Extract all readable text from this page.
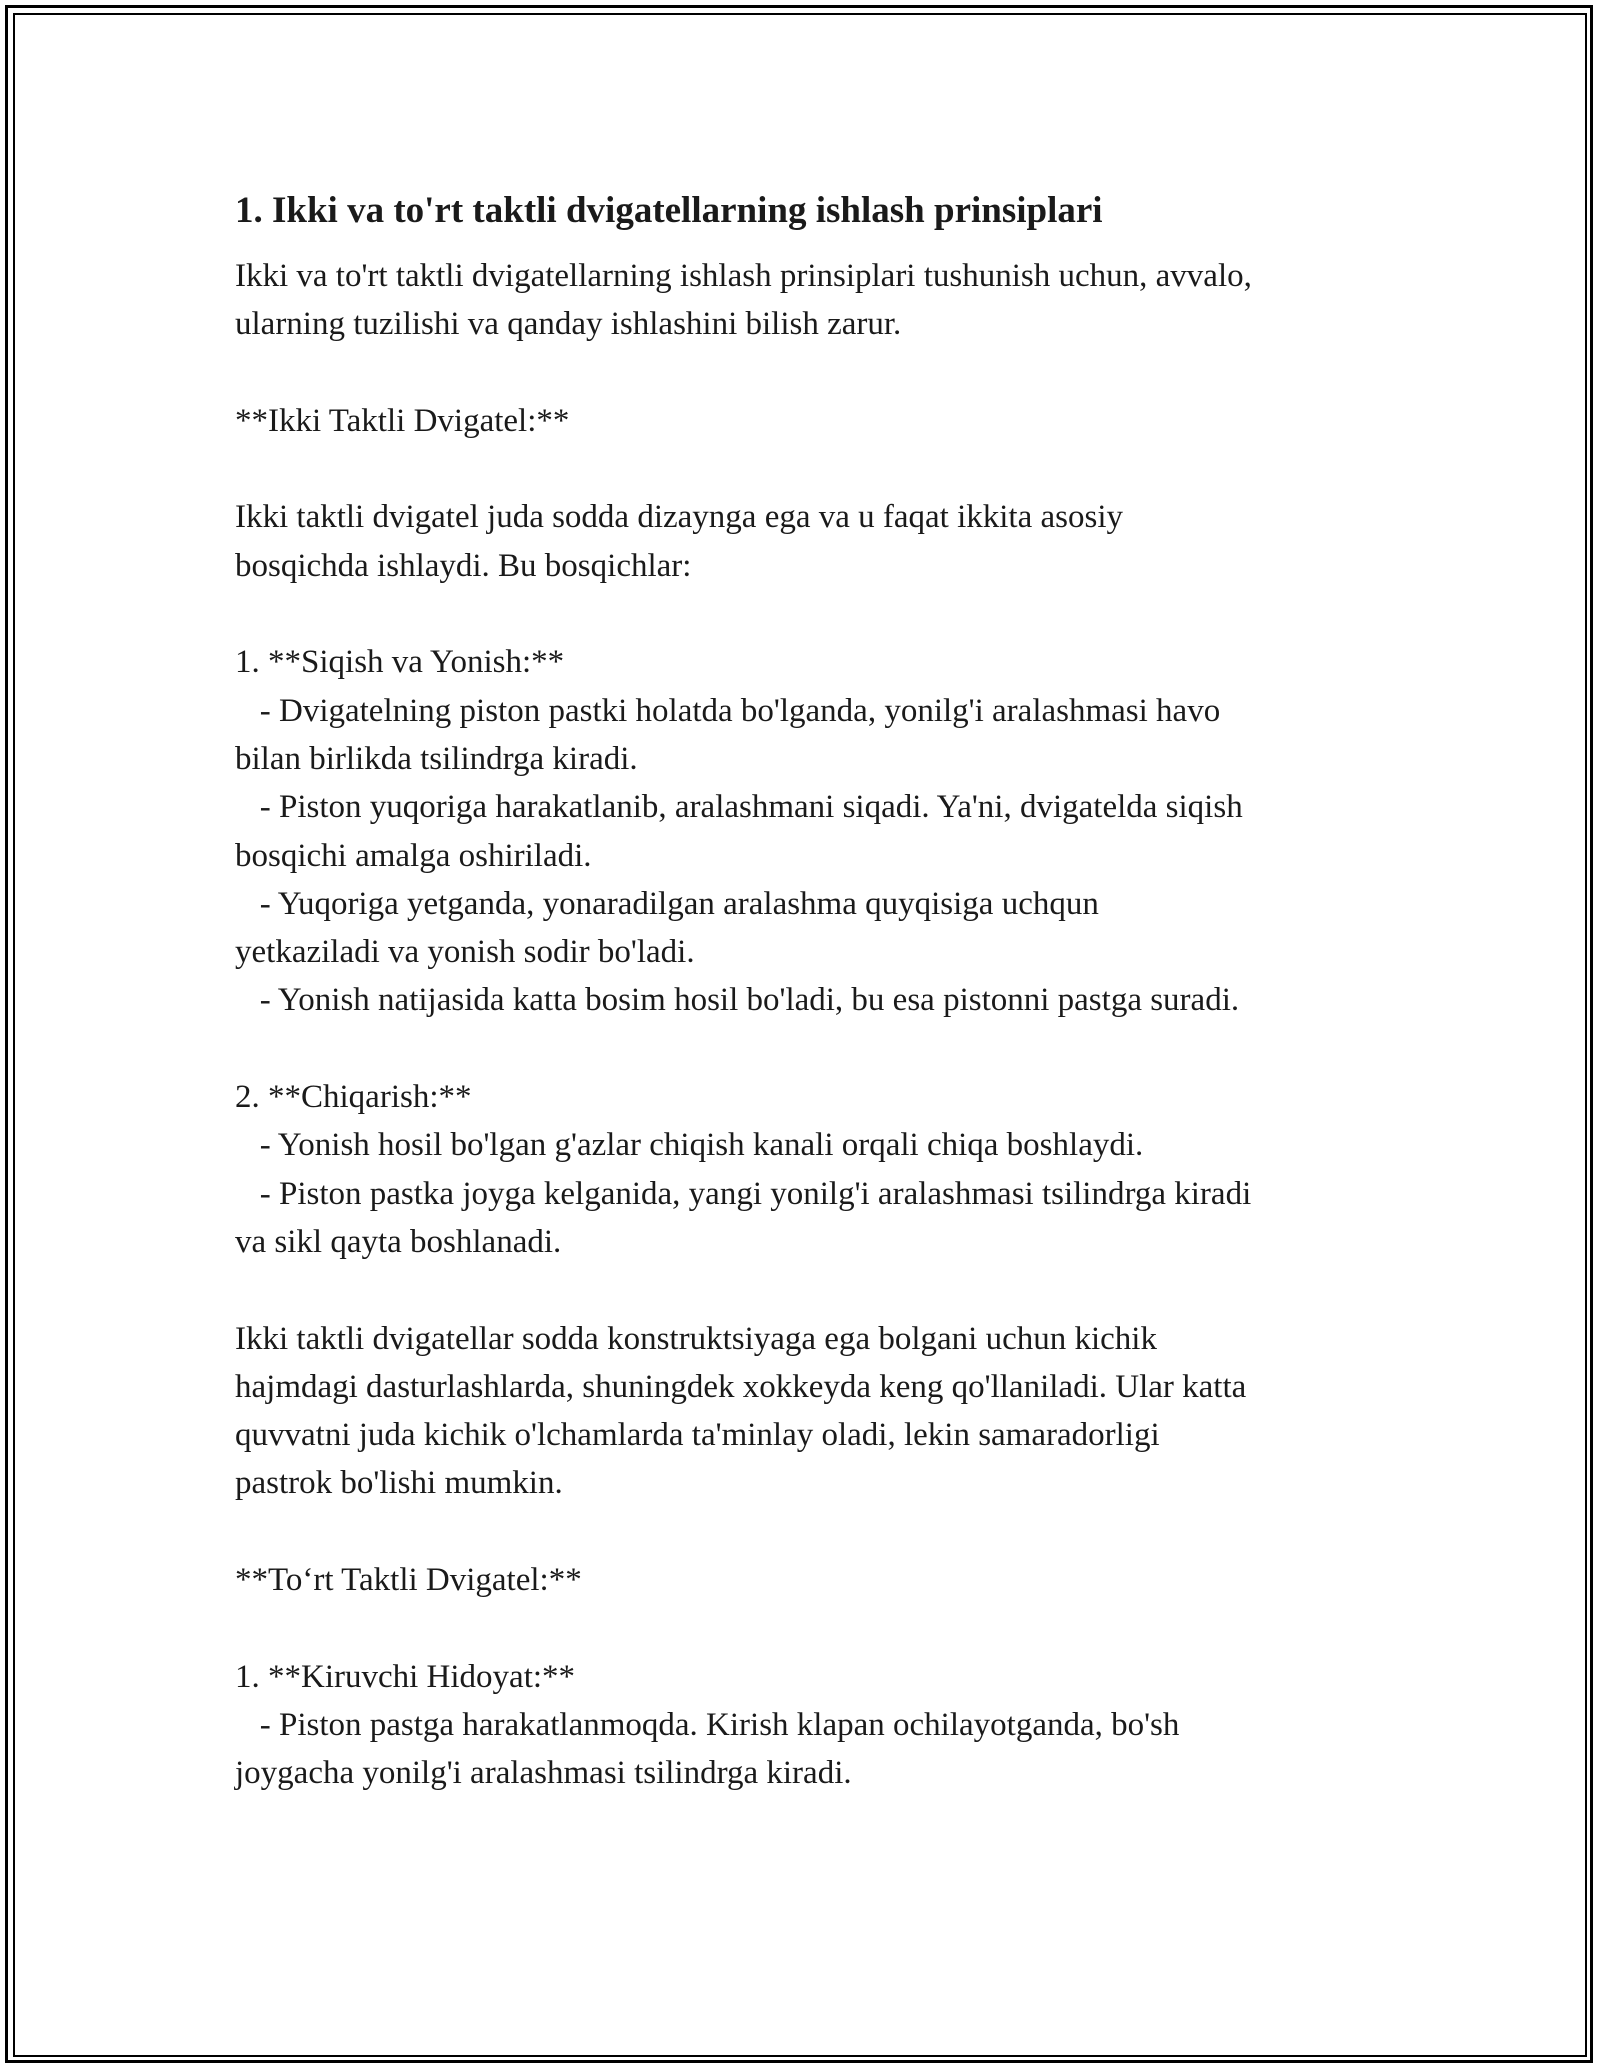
1. Ikki va to'rt taktli dvigatellarning ishlash prinsiplari
Ikki va to'rt taktli dvigatellarning ishlash prinsiplari tushunish uchun, avvalo,
ularning tuzilishi va qanday ishlashini bilish zarur.
**Ikki Taktli Dvigatel:**
Ikki taktli dvigatel juda sodda dizaynga ega va u faqat ikkita asosiy
bosqichda ishlaydi. Bu bosqichlar:
1. **Siqish va Yonish:**
- Dvigatelning piston pastki holatda bo'lganda, yonilg'i aralashmasi havo
bilan birlikda tsilindrga kiradi.
- Piston yuqoriga harakatlanib, aralashmani siqadi. Ya'ni, dvigatelda siqish
bosqichi amalga oshiriladi.
- Yuqoriga yetganda, yonaradilgan aralashma quyqisiga uchqun
yetkaziladi va yonish sodir bo'ladi.
- Yonish natijasida katta bosim hosil bo'ladi, bu esa pistonni pastga suradi.
2. **Chiqarish:**
- Yonish hosil bo'lgan g'azlar chiqish kanali orqali chiqa boshlaydi.
- Piston pastka joyga kelganida, yangi yonilg'i aralashmasi tsilindrga kiradi
va sikl qayta boshlanadi.
Ikki taktli dvigatellar sodda konstruktsiyaga ega bolgani uchun kichik
hajmdagi dasturlashlarda, shuningdek xokkeyda keng qo'llaniladi. Ular katta
quvvatni juda kichik o'lchamlarda ta'minlay oladi, lekin samaradorligi
pastrok bo'lishi mumkin.
**To‘rt Taktli Dvigatel:**
1. **Kiruvchi Hidoyat:**
- Piston pastga harakatlanmoqda. Kirish klapan ochilayotganda, bo'sh
joygacha yonilg'i aralashmasi tsilindrga kiradi.
